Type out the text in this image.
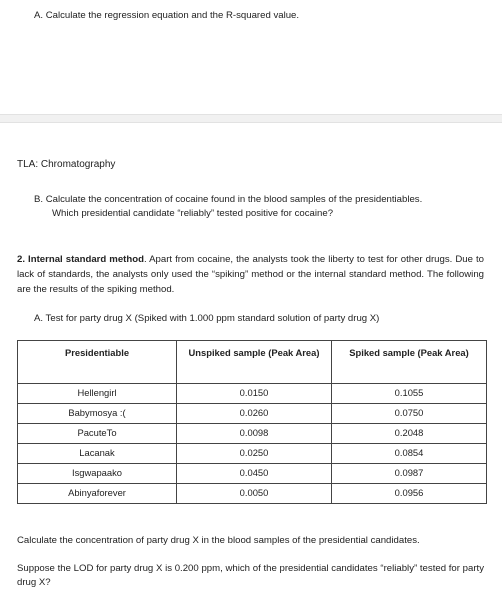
A. Calculate the regression equation and the R-squared value.
TLA: Chromatography
B. Calculate the concentration of cocaine found in the blood samples of the presidentiables.
Which presidential candidate “reliably” tested positive for cocaine?
2. Internal standard method. Apart from cocaine, the analysts took the liberty to test for other drugs. Due to lack of standards, the analysts only used the “spiking” method or the internal standard method. The following are the results of the spiking method.
A. Test for party drug X (Spiked with 1.000 ppm standard solution of party drug X)
Presidentiable	Unspiked sample (Peak Area)	Spiked sample (Peak Area)
Hellengirl	0.0150	0.1055
Babymosya :(	0.0260	0.0750
PacuteTo	0.0098	0.2048
Lacanak	0.0250	0.0854
Isgwapaako	0.0450	0.0987
Abinyaforever	0.0050	0.0956
Calculate the concentration of party drug X in the blood samples of the presidential candidates.
Suppose the LOD for party drug X is 0.200 ppm, which of the presidential candidates “reliably” tested for party drug X?
